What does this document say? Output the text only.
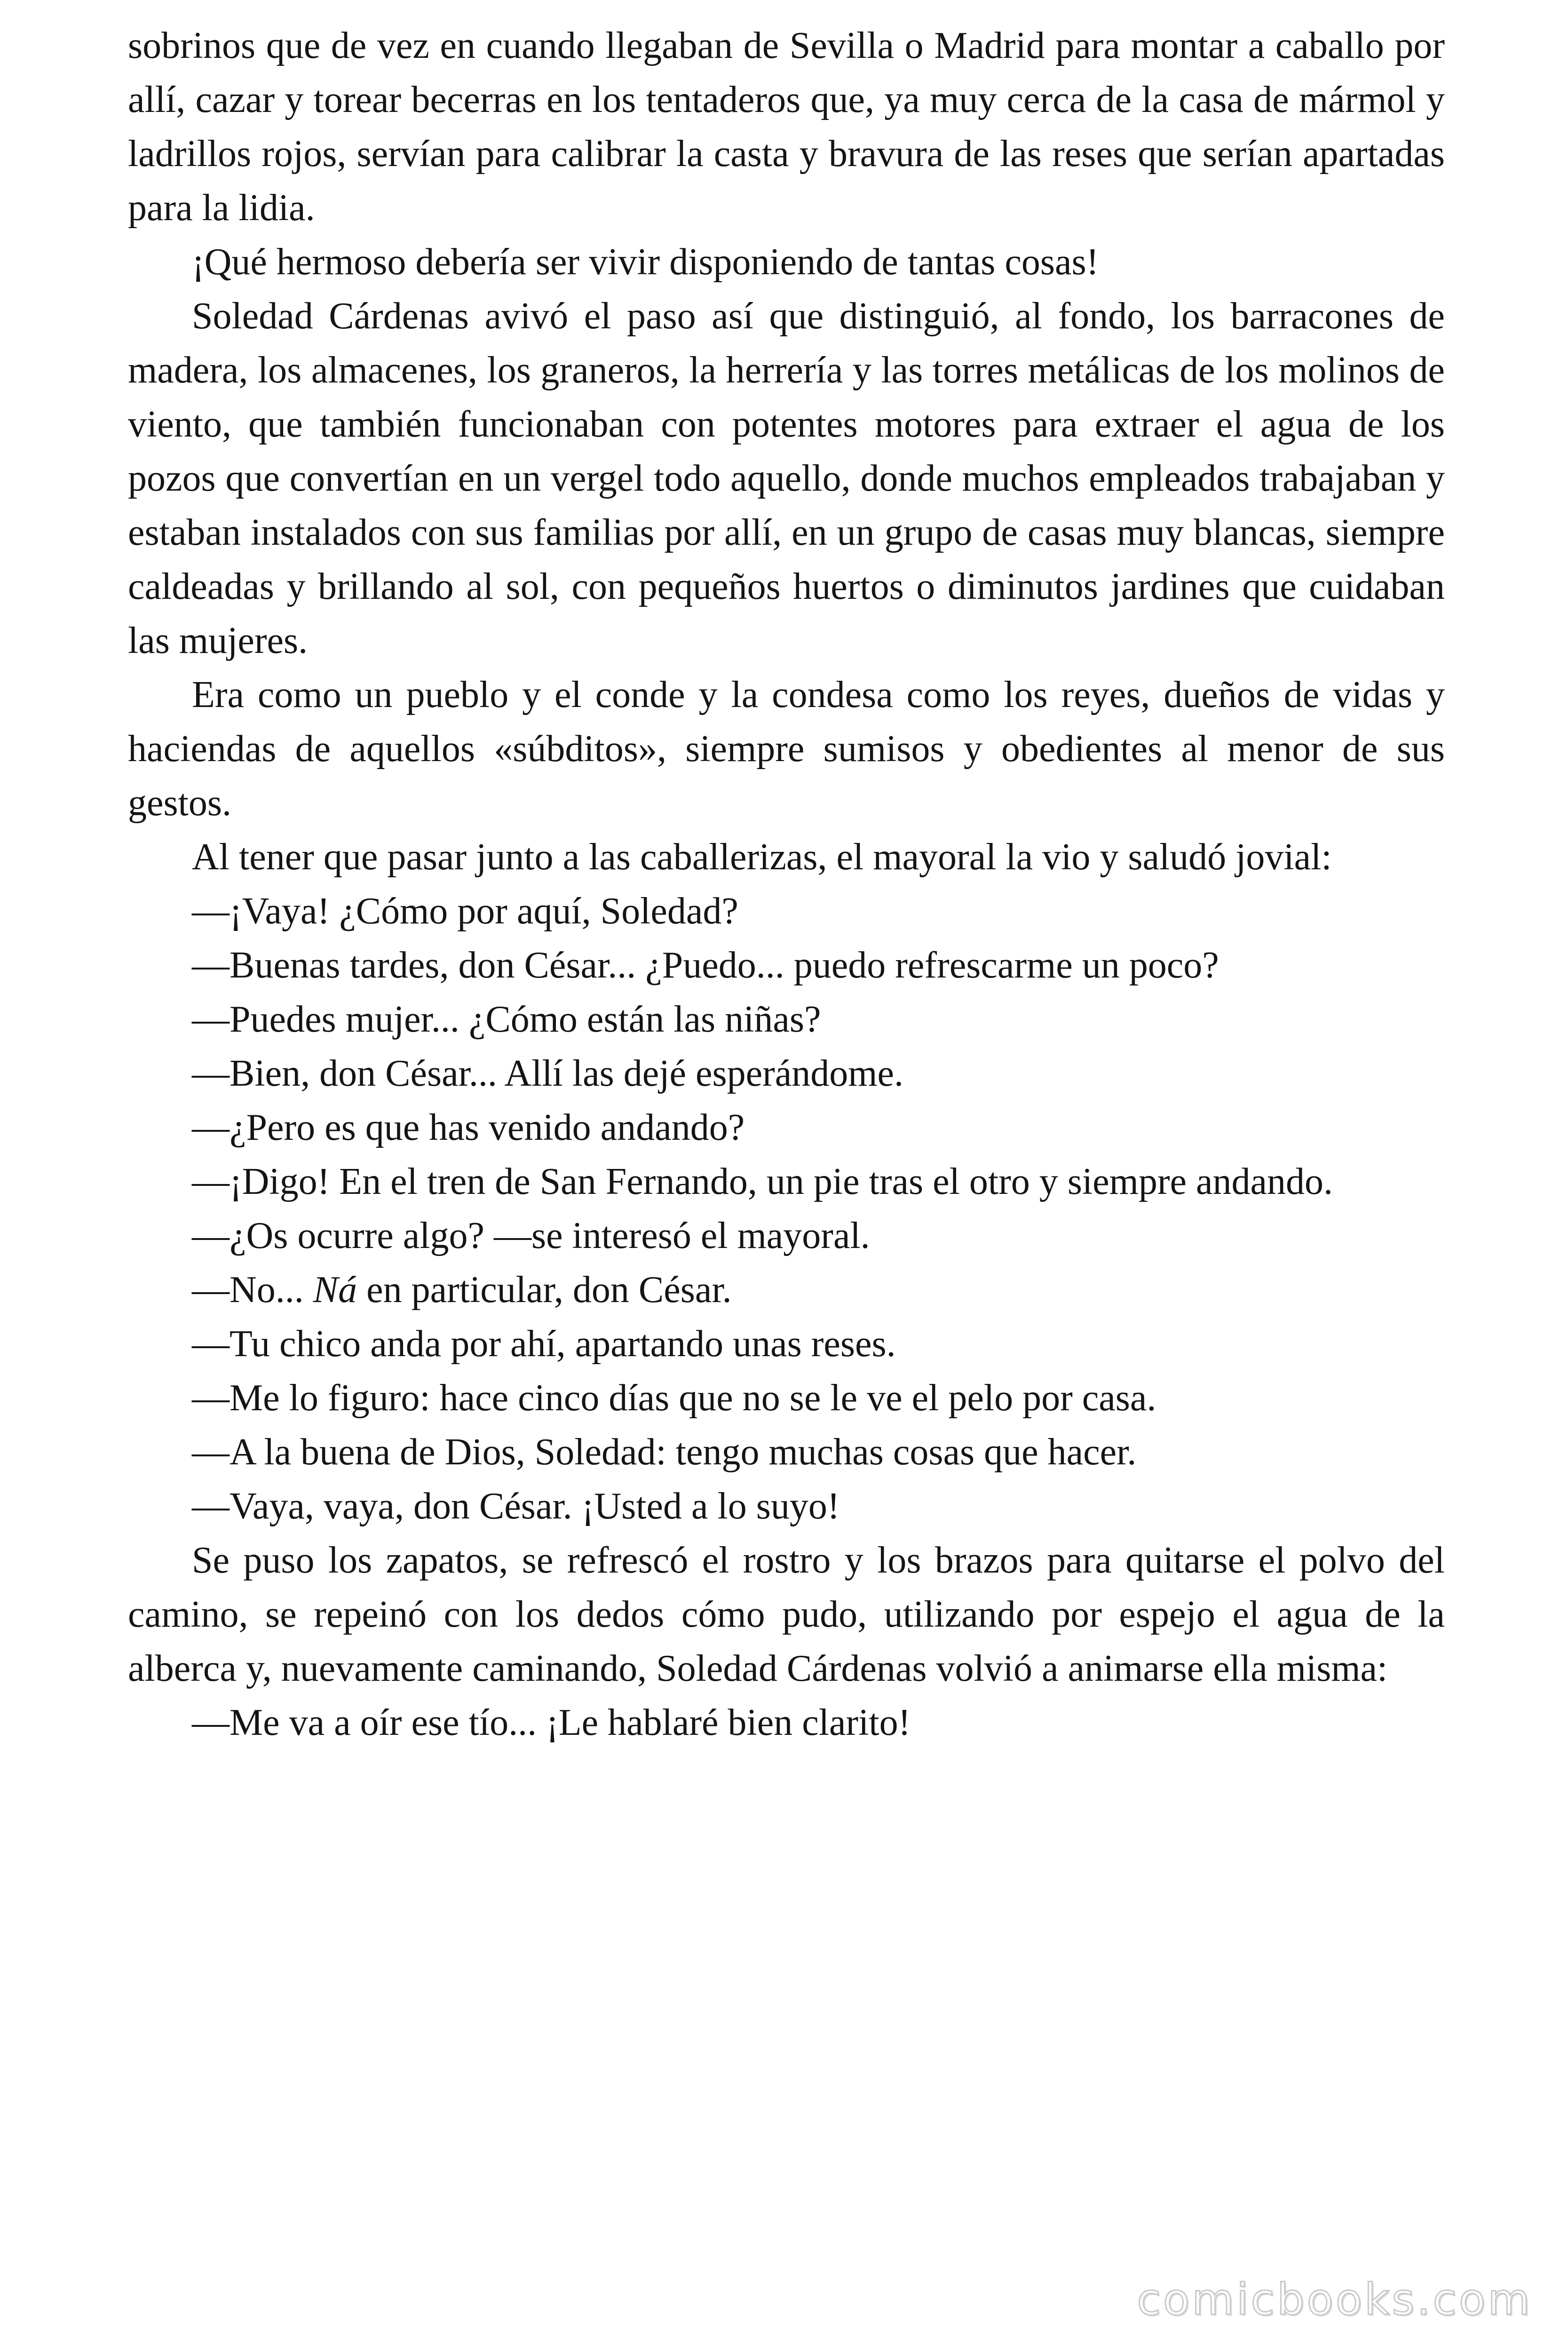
sobrinos que de vez en cuando llegaban de Sevilla o Madrid para montar a caballo por allí, cazar y torear becerras en los tentaderos que, ya muy cerca de la casa de mármol y ladrillos rojos, servían para calibrar la casta y bravura de las reses que serían apartadas para la lidia.

¡Qué hermoso debería ser vivir disponiendo de tantas cosas!

Soledad Cárdenas avivó el paso así que distinguió, al fondo, los barracones de madera, los almacenes, los graneros, la herrería y las torres metálicas de los molinos de viento, que también funcionaban con potentes motores para extraer el agua de los pozos que convertían en un vergel todo aquello, donde muchos empleados trabajaban y estaban instalados con sus familias por allí, en un grupo de casas muy blancas, siempre caldeadas y brillando al sol, con pequeños huertos o diminutos jardines que cuidaban las mujeres.

Era como un pueblo y el conde y la condesa como los reyes, dueños de vidas y haciendas de aquellos «súbditos», siempre sumisos y obedientes al menor de sus gestos.

Al tener que pasar junto a las caballerizas, el mayoral la vio y saludó jovial:

—¡Vaya! ¿Cómo por aquí, Soledad?

—Buenas tardes, don César... ¿Puedo... puedo refrescarme un poco?

—Puedes mujer... ¿Cómo están las niñas?

—Bien, don César... Allí las dejé esperándome.

—¿Pero es que has venido andando?

—¡Digo! En el tren de San Fernando, un pie tras el otro y siempre andando.

—¿Os ocurre algo? —se interesó el mayoral.

—No... Ná en particular, don César.

—Tu chico anda por ahí, apartando unas reses.

—Me lo figuro: hace cinco días que no se le ve el pelo por casa.

—A la buena de Dios, Soledad: tengo muchas cosas que hacer.

—Vaya, vaya, don César. ¡Usted a lo suyo!

Se puso los zapatos, se refrescó el rostro y los brazos para quitarse el polvo del camino, se repeinó con los dedos cómo pudo, utilizando por espejo el agua de la alberca y, nuevamente caminando, Soledad Cárdenas volvió a animarse ella misma:

—Me va a oír ese tío... ¡Le hablaré bien clarito!

comicbooks.com
